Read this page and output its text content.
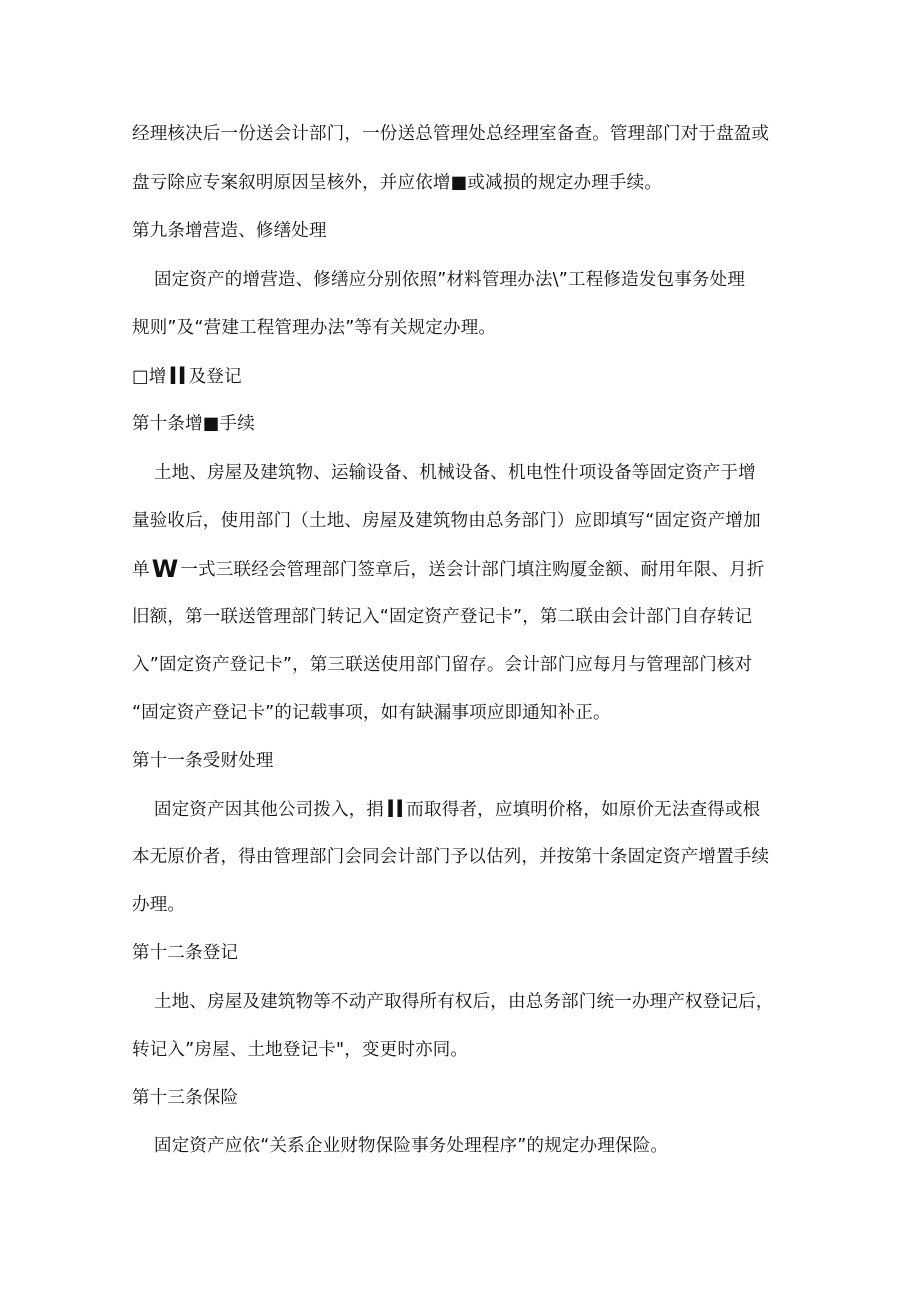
经理核决后一份送会计部门，一份送总管理处总经理室备查。管理部门对于盘盈或
盘亏除应专案叙明原因呈核外，并应依增■或减损的规定办理手续。
第九条增营造、修缮处理
固定资产的增营造、修缮应分别依照”材料管理办法\”工程修造发包事务处理
规则”及“营建工程管理办法”等有关规定办理。
□增II 及登记
第十条增■手续
土地、房屋及建筑物、运输设备、机械设备、机电性什项设备等固定资产于增
量验收后，使用部门（土地、房屋及建筑物由总务部门）应即填写“固定资产增加
单W 一式三联经会管理部门签章后，送会计部门填注购厦金额、耐用年限、月折
旧额，第一联送管理部门转记入“固定资产登记卡”，第二联由会计部门自存转记
入”固定资产登记卡”，第三联送使用部门留存。会计部门应每月与管理部门核对
“固定资产登记卡”的记载事项，如有缺漏事项应即通知补正。
第十一条受财处理
固定资产因其他公司拨入，捐II 而取得者，应填明价格，如原价无法查得或根
本无原价者，得由管理部门会同会计部门予以估列，并按第十条固定资产增置手续
办理。
第十二条登记
土地、房屋及建筑物等不动产取得所有权后，由总务部门统一办理产权登记后，
转记入”房屋、土地登记卡"，变更时亦同。
第十三条保险
固定资产应依“关系企业财物保险事务处理程序”的规定办理保险。
